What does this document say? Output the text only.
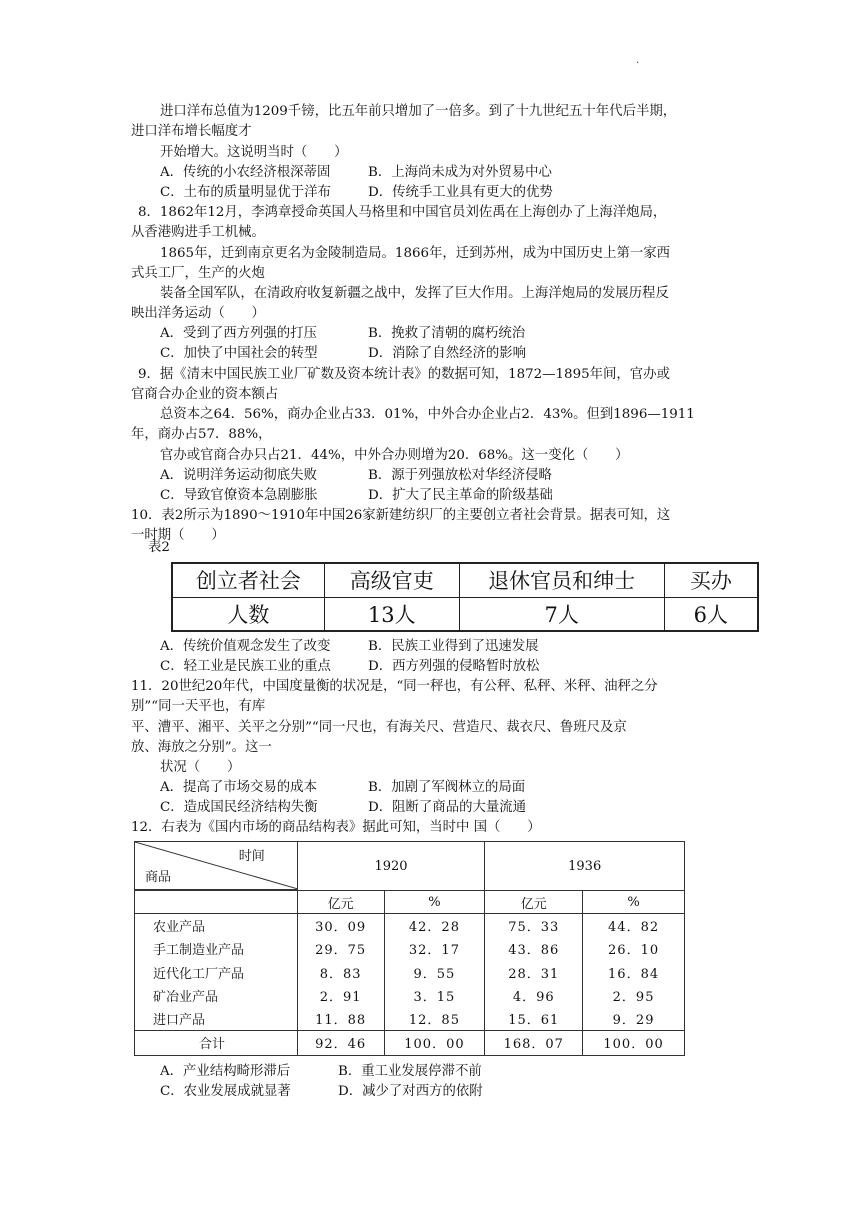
·
进口洋布总值为1209千镑，比五年前只增加了一倍多。到了十九世纪五十年代后半期，
进口洋布增长幅度才
开始增大。这说明当时（　　）
A．传统的小农经济根深蒂固	B．上海尚未成为对外贸易中心
C．土布的质量明显优于洋布	D．传统手工业具有更大的优势
8．1862年12月，李鸿章授命英国人马格里和中国官员刘佐禹在上海创办了上海洋炮局，
从香港购进手工机械。
1865年，迁到南京更名为金陵制造局。1866年，迁到苏州，成为中国历史上第一家西
式兵工厂，生产的火炮
装备全国军队，在清政府收复新疆之战中，发挥了巨大作用。上海洋炮局的发展历程反
映出洋务运动（　　）
A．受到了西方列强的打压	B．挽救了清朝的腐朽统治
C．加快了中国社会的转型	D．消除了自然经济的影响
9．据《清末中国民族工业厂矿数及资本统计表》的数据可知，1872—1895年间，官办或
官商合办企业的资本额占
总资本之64．56%，商办企业占33．01%，中外合办企业占2．43%。但到1896—1911
年，商办占57．88%，
官办或官商合办只占21．44%，中外合办则增为20．68%。这一变化（　　）
A．说明洋务运动彻底失败	B．源于列强放松对华经济侵略
C．导致官僚资本急剧膨胀	D．扩大了民主革命的阶级基础
10．表2所示为1890～1910年中国26家新建纺织厂的主要创立者社会背景。据表可知，这
一时期（　　）
表2
创立者社会	高级官吏	退休官员和绅士	买办
人数	13人	7人	6人
A．传统价值观念发生了改变	B．民族工业得到了迅速发展
C．轻工业是民族工业的重点	D．西方列强的侵略暂时放松
11．20世纪20年代，中国度量衡的状况是，“同一秤也，有公秤、私秤、米秤、油秤之分
别”“同一天平也，有库
平、漕平、湘平、关平之分别”“同一尺也，有海关尺、营造尺、裁衣尺、鲁班尺及京
放、海放之分别”。这一
状况（　　）
A．提高了市场交易的成本	B．加剧了军阀林立的局面
C．造成国民经济结构失衡	D．阻断了商品的大量流通
12．右表为《国内市场的商品结构表》据此可知，当时中 国（　　）
时间
商品	1920		1936	
	亿元	%	亿元	%
农业产品	30．09	42．28	75．33	44．82
手工制造业产品	29．75	32．17	43．86	26．10
近代化工厂产品	8．83	9．55	28．31	16．84
矿冶业产品	2．91	3．15	4．96	2．95
进口产品	11．88	12．85	15．61	9．29
合计	92．46	100．00	168．07	100．00
A．产业结构畸形滞后	B．重工业发展停滞不前
C．农业发展成就显著	D．减少了对西方的依附
